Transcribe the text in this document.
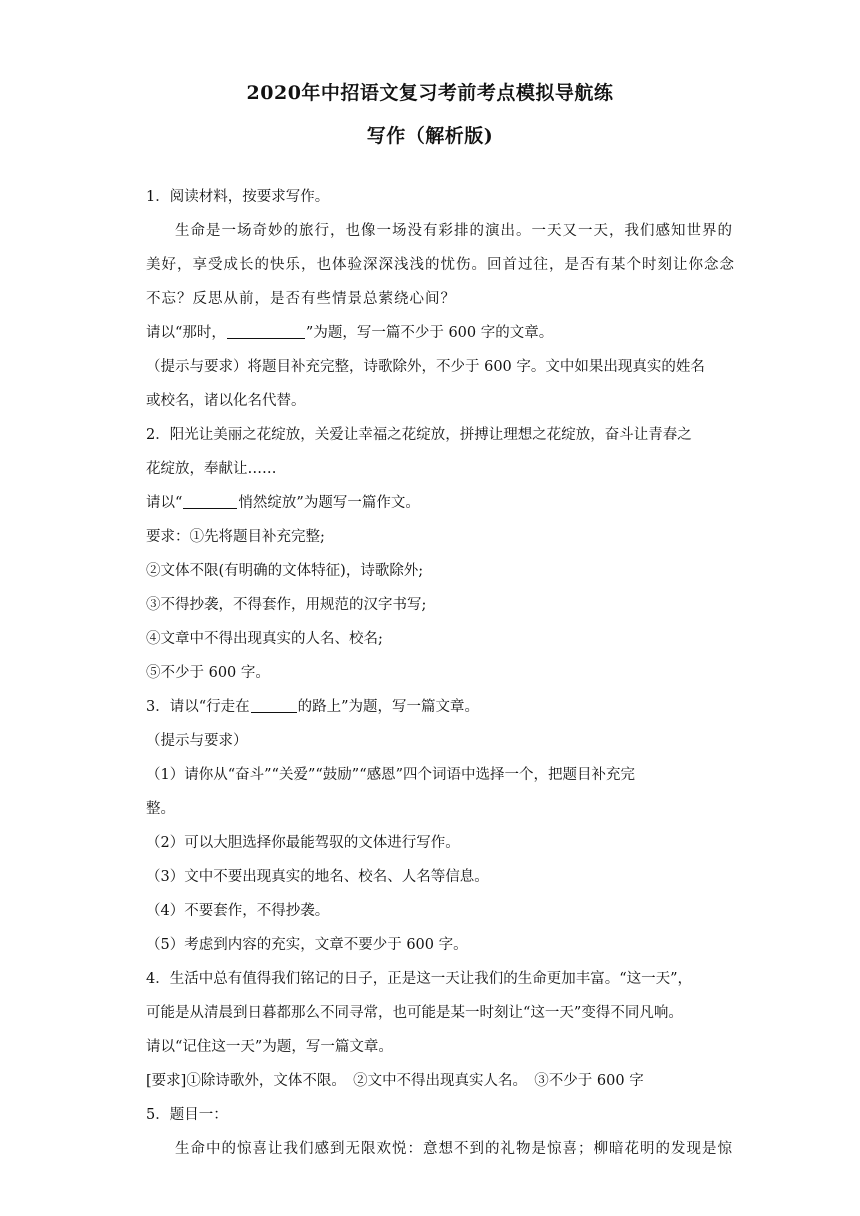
2020年中招语文复习考前考点模拟导航练
写作（解析版)
1．阅读材料，按要求写作。
生命是一场奇妙的旅行，也像一场没有彩排的演出。一天又一天，我们感知世界的
美好，享受成长的快乐，也体验深深浅浅的忧伤。回首过往，是否有某个时刻让你念念
不忘？反思从前，是否有些情景总萦绕心间？
请以“那时，	”为题，写一篇不少于 600 字的文章。
（提示与要求）将题目补充完整，诗歌除外，不少于 600 字。文中如果出现真实的姓名
或校名，诸以化名代替。
2．阳光让美丽之花绽放，关爱让幸福之花绽放，拼搏让理想之花绽放，奋斗让青春之
花绽放，奉献让……
请以“	悄然绽放”为题写一篇作文。
要求：①先将题目补充完整;
②文体不限(有明确的文体特征)，诗歌除外;
③不得抄袭，不得套作，用规范的汉字书写;
④文章中不得出现真实的人名、校名;
⑤不少于 600 字。
3．请以“行走在	的路上”为题，写一篇文章。
（提示与要求）
（1）请你从“奋斗”“关爱”“鼓励”“感恩”四个词语中选择一个，把题目补充完
整。
（2）可以大胆选择你最能驾驭的文体进行写作。
（3）文中不要出现真实的地名、校名、人名等信息。
（4）不要套作，不得抄袭。
（5）考虑到内容的充实，文章不要少于 600 字。
4．生活中总有值得我们铭记的日子，正是这一天让我们的生命更加丰富。“这一天”，
可能是从清晨到日暮都那么不同寻常，也可能是某一时刻让“这一天”变得不同凡响。
请以“记住这一天”为题，写一篇文章。
[要求]①除诗歌外，文体不限。　②文中不得出现真实人名。　③不少于 600 字
5．题目一：
生命中的惊喜让我们感到无限欢悦：意想不到的礼物是惊喜；柳暗花明的发现是惊
